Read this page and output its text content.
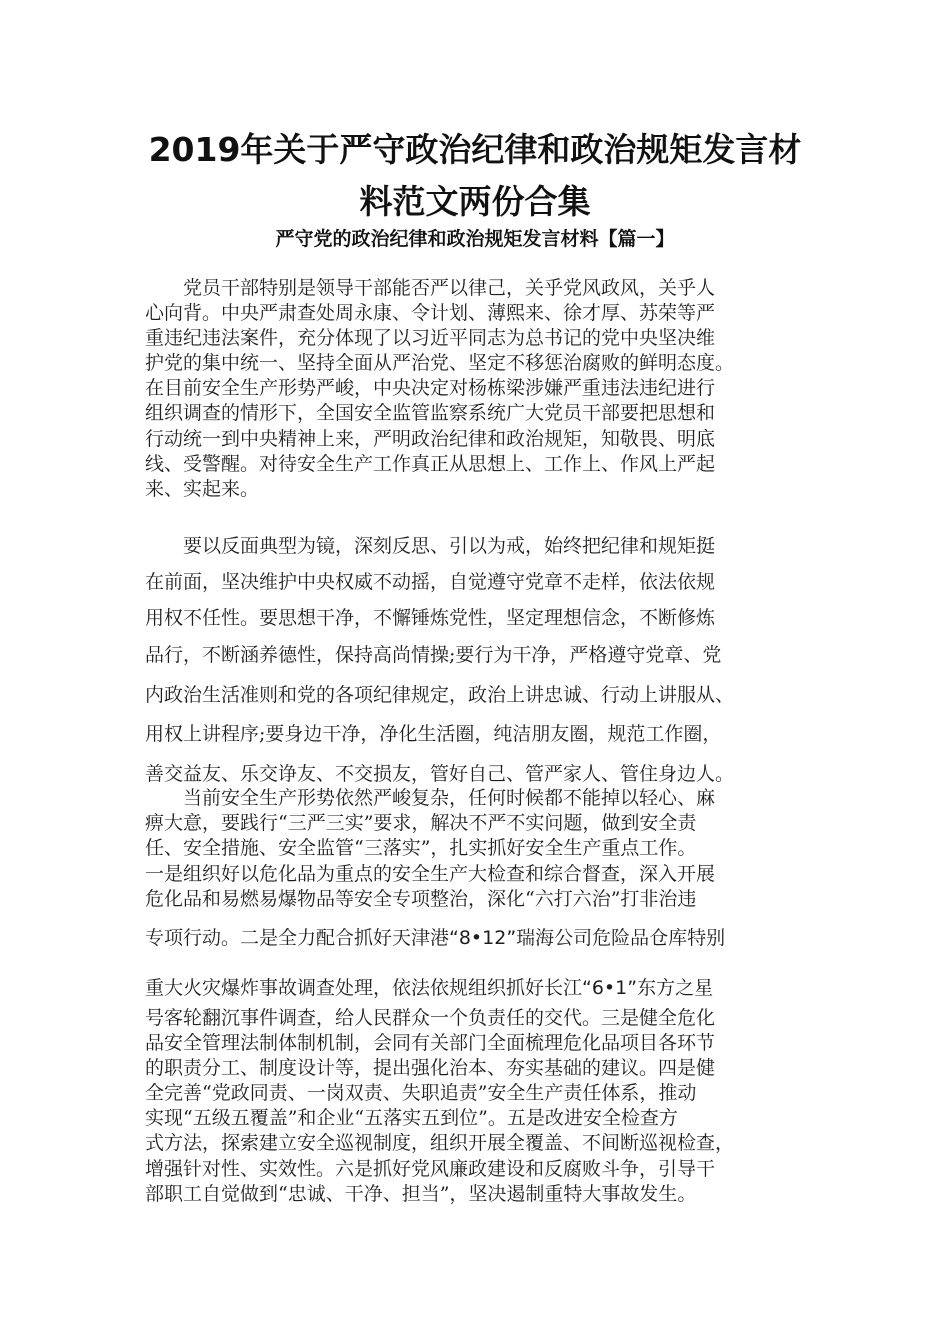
2019年关于严守政治纪律和政治规矩发言材
料范文两份合集
严守党的政治纪律和政治规矩发言材料【篇一】
　　党员干部特别是领导干部能否严以律己，关乎党风政风，关乎人
心向背。中央严肃查处周永康、令计划、薄熙来、徐才厚、苏荣等严
重违纪违法案件，充分体现了以习近平同志为总书记的党中央坚决维
护党的集中统一、坚持全面从严治党、坚定不移惩治腐败的鲜明态度。
在目前安全生产形势严峻，中央决定对杨栋梁涉嫌严重违法违纪进行
组织调查的情形下，全国安全监管监察系统广大党员干部要把思想和
行动统一到中央精神上来，严明政治纪律和政治规矩，知敬畏、明底
线、受警醒。对待安全生产工作真正从思想上、工作上、作风上严起
来、实起来。
　　要以反面典型为镜，深刻反思、引以为戒，始终把纪律和规矩挺
在前面，坚决维护中央权威不动摇，自觉遵守党章不走样，依法依规
用权不任性。要思想干净，不懈锤炼党性，坚定理想信念，不断修炼
品行，不断涵养德性，保持高尚情操;要行为干净，严格遵守党章、党
内政治生活准则和党的各项纪律规定，政治上讲忠诚、行动上讲服从、
用权上讲程序;要身边干净，净化生活圈，纯洁朋友圈，规范工作圈，
善交益友、乐交诤友、不交损友，管好自己、管严家人、管住身边人。
　　当前安全生产形势依然严峻复杂，任何时候都不能掉以轻心、麻
痹大意，要践行“三严三实”要求，解决不严不实问题，做到安全责
任、安全措施、安全监管“三落实”，扎实抓好安全生产重点工作。
一是组织好以危化品为重点的安全生产大检查和综合督查，深入开展
危化品和易燃易爆物品等安全专项整治，深化“六打六治”打非治违
专项行动。二是全力配合抓好天津港“8•12”瑞海公司危险品仓库特别
重大火灾爆炸事故调查处理，依法依规组织抓好长江“6•1”东方之星
号客轮翻沉事件调查，给人民群众一个负责任的交代。三是健全危化
品安全管理法制体制机制，会同有关部门全面梳理危化品项目各环节
的职责分工、制度设计等，提出强化治本、夯实基础的建议。四是健
全完善“党政同责、一岗双责、失职追责”安全生产责任体系，推动
实现“五级五覆盖”和企业“五落实五到位”。五是改进安全检查方
式方法，探索建立安全巡视制度，组织开展全覆盖、不间断巡视检查，
增强针对性、实效性。六是抓好党风廉政建设和反腐败斗争，引导干
部职工自觉做到“忠诚、干净、担当”，坚决遏制重特大事故发生。
